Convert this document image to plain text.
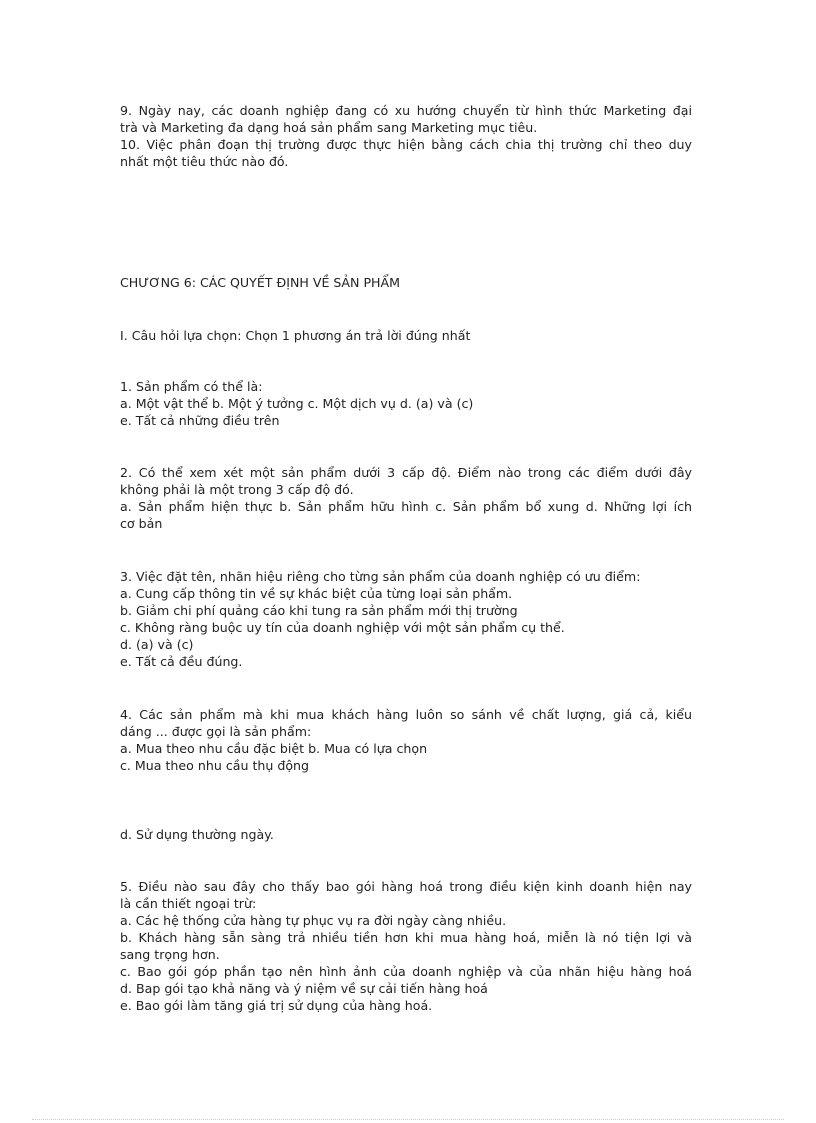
9. Ngày nay, các doanh nghiệp đang có xu hướng chuyển từ hình thức Marketing đại
trà và Marketing đa dạng hoá sản phẩm sang Marketing mục tiêu.
10. Việc phân đoạn thị trường được thực hiện bằng cách chia thị trường chỉ theo duy
nhất một tiêu thức nào đó.
CHƯƠNG 6: CÁC QUYẾT ĐỊNH VỀ SẢN PHẨM
I. Câu hỏi lựa chọn: Chọn 1 phương án trả lời đúng nhất
1. Sản phẩm có thể là:
a. Một vật thể b. Một ý tưởng c. Một dịch vụ d. (a) và (c)
e. Tất cả những điều trên
2. Có thể xem xét một sản phẩm dưới 3 cấp độ. Điểm nào trong các điểm dưới đây
không phải là một trong 3 cấp độ đó.
a. Sản phẩm hiện thực b. Sản phẩm hữu hình c. Sản phẩm bổ xung d. Những lợi ích
cơ bản
3. Việc đặt tên, nhãn hiệu riêng cho từng sản phẩm của doanh nghiệp có ưu điểm:
a. Cung cấp thông tin về sự khác biệt của từng loại sản phẩm.
b. Giảm chi phí quảng cáo khi tung ra sản phẩm mới thị trường
c. Không ràng buộc uy tín của doanh nghiệp với một sản phẩm cụ thể.
d. (a) và (c)
e. Tất cả đều đúng.
4. Các sản phẩm mà khi mua khách hàng luôn so sánh về chất lượng, giá cả, kiểu
dáng ... được gọi là sản phẩm:
a. Mua theo nhu cầu đặc biệt b. Mua có lựa chọn
c. Mua theo nhu cầu thụ động
d. Sử dụng thường ngày.
5. Điều nào sau đây cho thấy bao gói hàng hoá trong điều kiện kinh doanh hiện nay
là cần thiết ngoại trừ:
a. Các hệ thống cửa hàng tự phục vụ ra đời ngày càng nhiều.
b. Khách hàng sẵn sàng trả nhiều tiền hơn khi mua hàng hoá, miễn là nó tiện lợi và
sang trọng hơn.
c. Bao gói góp phần tạo nên hình ảnh của doanh nghiệp và của nhãn hiệu hàng hoá
d. Bap gói tạo khả năng và ý niệm về sự cải tiến hàng hoá
e. Bao gói làm tăng giá trị sử dụng của hàng hoá.
